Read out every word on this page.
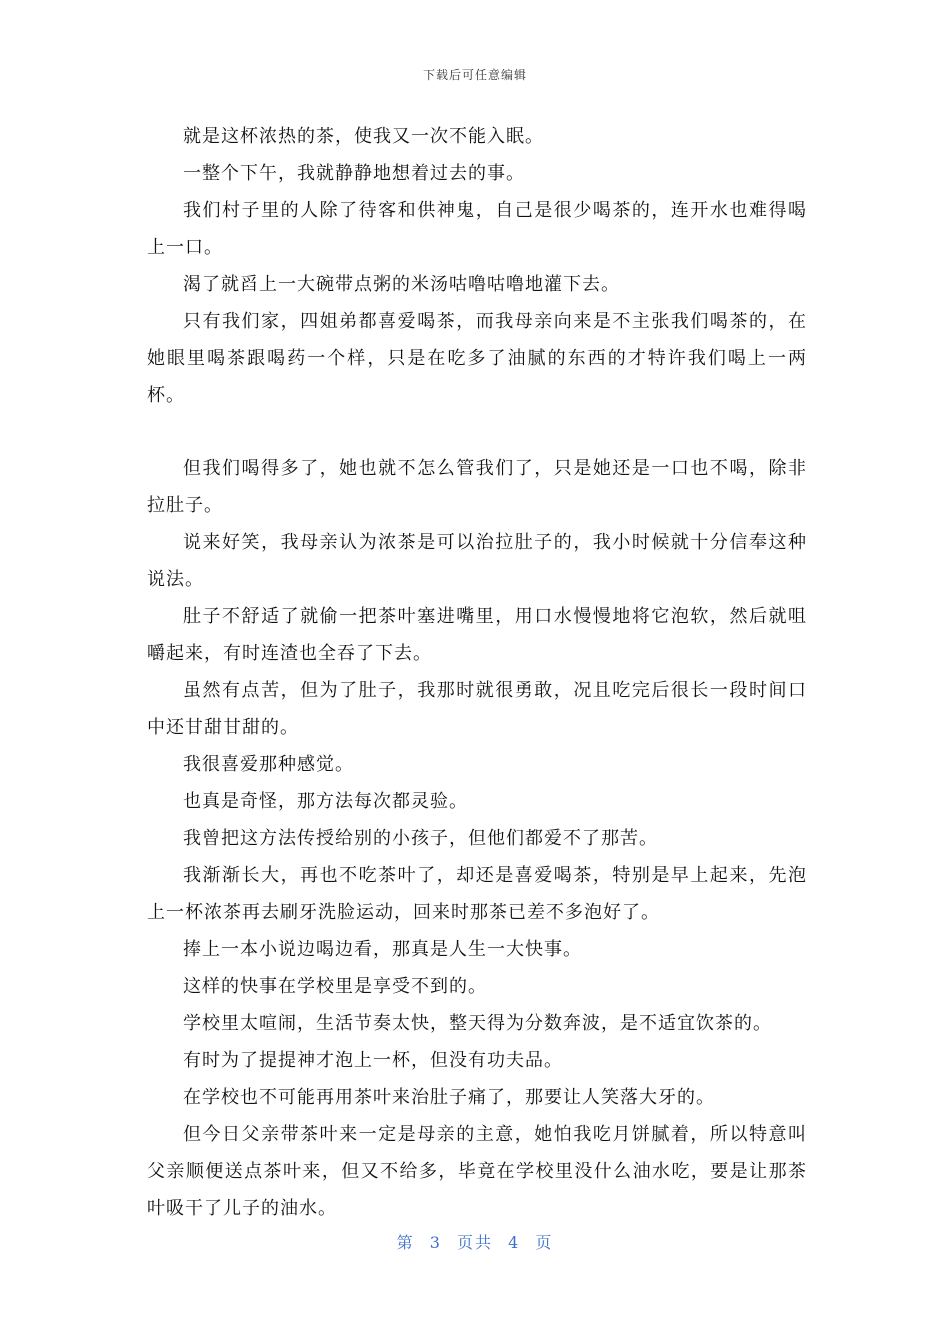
下载后可任意编辑

就是这杯浓热的茶，使我又一次不能入眠。

一整个下午，我就静静地想着过去的事。

我们村子里的人除了待客和供神鬼，自己是很少喝茶的，连开水也难得喝上一口。

渴了就舀上一大碗带点粥的米汤咕噜咕噜地灌下去。

只有我们家，四姐弟都喜爱喝茶，而我母亲向来是不主张我们喝茶的，在她眼里喝茶跟喝药一个样，只是在吃多了油腻的东西的才特许我们喝上一两杯。

但我们喝得多了，她也就不怎么管我们了，只是她还是一口也不喝，除非拉肚子。

说来好笑，我母亲认为浓茶是可以治拉肚子的，我小时候就十分信奉这种说法。

肚子不舒适了就偷一把茶叶塞进嘴里，用口水慢慢地将它泡软，然后就咀嚼起来，有时连渣也全吞了下去。

虽然有点苦，但为了肚子，我那时就很勇敢，况且吃完后很长一段时间口中还甘甜甘甜的。

我很喜爱那种感觉。

也真是奇怪，那方法每次都灵验。

我曾把这方法传授给别的小孩子，但他们都爱不了那苦。

我渐渐长大，再也不吃茶叶了，却还是喜爱喝茶，特别是早上起来，先泡上一杯浓茶再去刷牙洗脸运动，回来时那茶已差不多泡好了。

捧上一本小说边喝边看，那真是人生一大快事。

这样的快事在学校里是享受不到的。

学校里太喧闹，生活节奏太快，整天得为分数奔波，是不适宜饮茶的。

有时为了提提神才泡上一杯，但没有功夫品。

在学校也不可能再用茶叶来治肚子痛了，那要让人笑落大牙的。

但今日父亲带茶叶来一定是母亲的主意，她怕我吃月饼腻着，所以特意叫父亲顺便送点茶叶来，但又不给多，毕竟在学校里没什么油水吃，要是让那茶叶吸干了儿子的油水。

第 3 页共 4 页
